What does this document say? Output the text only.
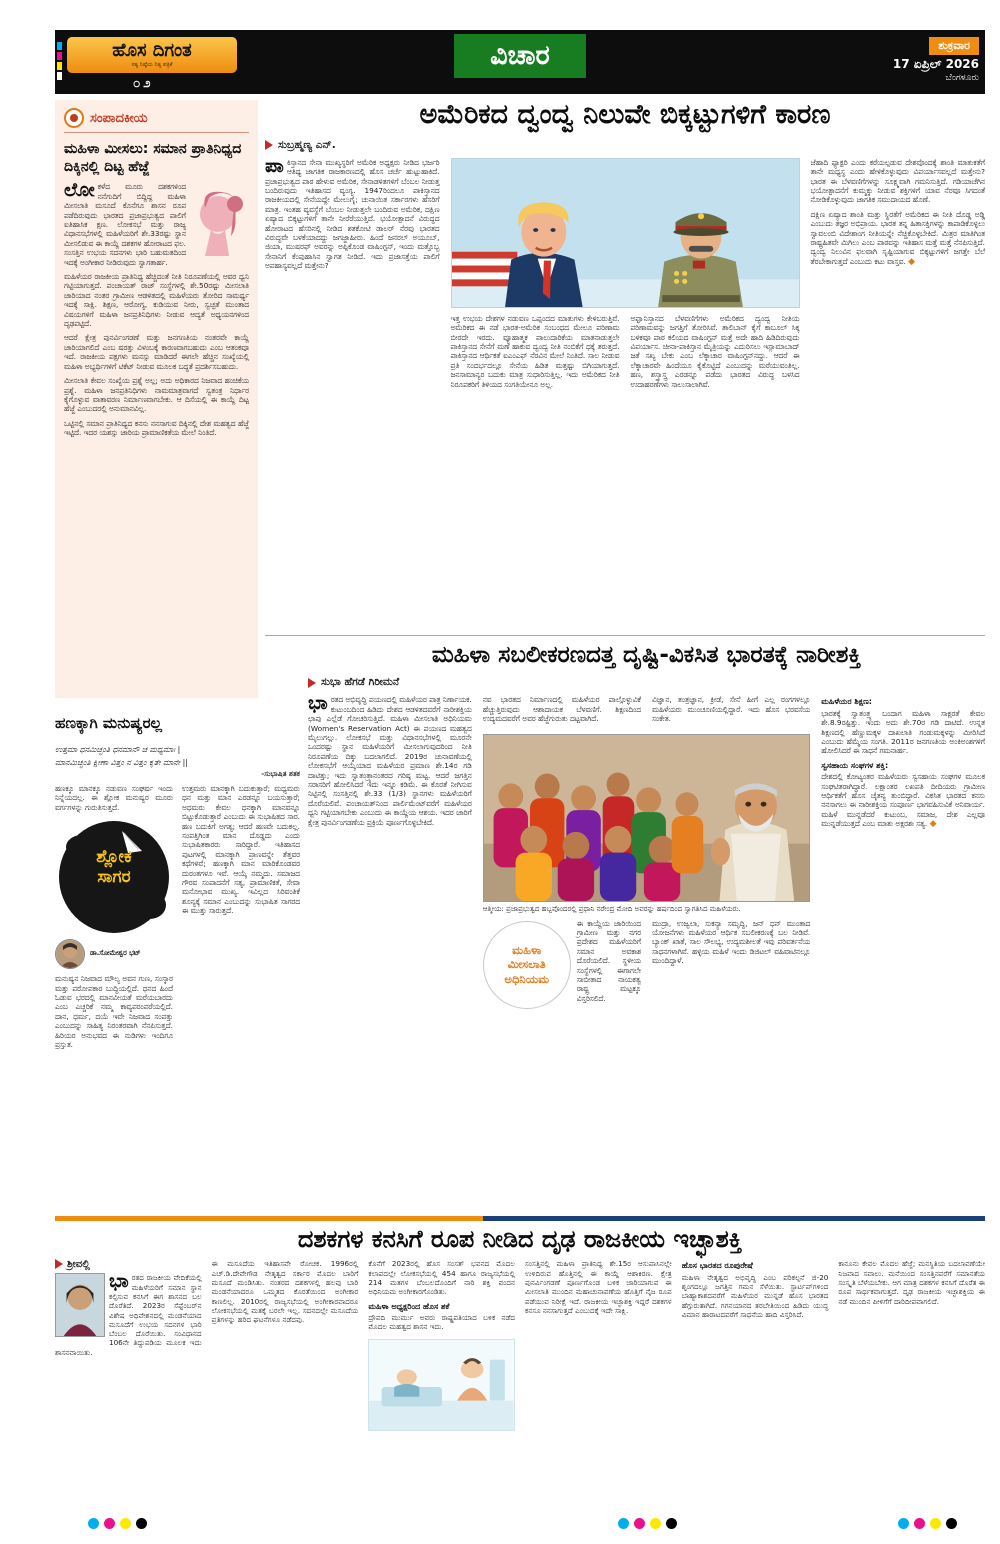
ಹೊಸ ದಿಗಂತ
ಸತ್ಯ ನಿಷ್ಠೆಯ ನಿತ್ಯ ಪತ್ರಿಕೆ
೦೨
ವಿಚಾರ	ಶುಕ್ರವಾರ
17 ಏಪ್ರಿಲ್ 2026
ಬೆಂಗಳೂರು
ಸಂಪಾದಕೀಯ
ಮಹಿಳಾ ಮೀಸಲು: ಸಮಾನ ಪ್ರಾತಿನಿಧ್ಯದ ದಿಕ್ಕಿನಲ್ಲಿ ದಿಟ್ಟ ಹೆಜ್ಜೆ

ಲೋಕಳೆದ ಮೂರು ದಶಕಗಳಿಂದ ನನೆಗುದಿಗೆ ಬಿದ್ದಿದ್ದ ಮಹಿಳಾ ಮೀಸಲಾತಿ ಮಸೂದೆ ಕೊನೆಗೂ ಶಾಸನ ರೂಪ ಪಡೆದಿರುವುದು ಭಾರತದ ಪ್ರಜಾಪ್ರಭುತ್ವದ ಪಾಲಿಗೆ ಐತಿಹಾಸಿಕ ಕ್ಷಣ. ಲೋಕಸಭೆ ಮತ್ತು ರಾಜ್ಯ ವಿಧಾನಸಭೆಗಳಲ್ಲಿ ಮಹಿಳೆಯರಿಗೆ ಶೇ.33ರಷ್ಟು ಸ್ಥಾನ ಮೀಸಲಿಡುವ ಈ ಕಾಯ್ದೆ ದಶಕಗಳ ಹೋರಾಟದ ಫಲ. ಸಂಸತ್ತಿನ ಉಭಯ ಸದನಗಳು ಭಾರಿ ಬಹುಮತದಿಂದ ಇದಕ್ಕೆ ಅಂಗೀಕಾರ ನೀಡಿರುವುದು ಸ್ವಾಗತಾರ್ಹ.

ಮಹಿಳೆಯರ ರಾಜಕೀಯ ಪ್ರಾತಿನಿಧ್ಯ ಹೆಚ್ಚಿದಂತೆ ನೀತಿ ನಿರೂಪಣೆಯಲ್ಲಿ ಅವರ ಧ್ವನಿ ಗಟ್ಟಿಯಾಗುತ್ತದೆ. ಪಂಚಾಯತ್ ರಾಜ್ ಸಂಸ್ಥೆಗಳಲ್ಲಿ ಶೇ.50ರಷ್ಟು ಮೀಸಲಾತಿ ಜಾರಿಯಾದ ನಂತರ ಗ್ರಾಮೀಣ ಆಡಳಿತದಲ್ಲಿ ಮಹಿಳೆಯರು ತೋರಿದ ಸಾಮರ್ಥ್ಯ ಇದಕ್ಕೆ ಸಾಕ್ಷಿ. ಶಿಕ್ಷಣ, ಆರೋಗ್ಯ, ಕುಡಿಯುವ ನೀರು, ಸ್ವಚ್ಛತೆ ಮುಂತಾದ ವಿಷಯಗಳಿಗೆ ಮಹಿಳಾ ಜನಪ್ರತಿನಿಧಿಗಳು ನೀಡುವ ಆದ್ಯತೆ ಅಧ್ಯಯನಗಳಿಂದ ದೃಢಪಟ್ಟಿದೆ.

ಆದರೆ ಕ್ಷೇತ್ರ ಪುನರ್ವಿಂಗಡಣೆ ಮತ್ತು ಜನಗಣತಿಯ ನಂತರವೇ ಕಾಯ್ದೆ ಜಾರಿಯಾಗಲಿದೆ ಎಂಬ ಷರತ್ತು ವಿಳಂಬಕ್ಕೆ ಕಾರಣವಾಗಬಹುದು ಎಂಬ ಆತಂಕವೂ ಇದೆ. ರಾಜಕೀಯ ಪಕ್ಷಗಳು ಮನಸ್ಸು ಮಾಡಿದರೆ ಈಗಲೇ ಹೆಚ್ಚಿನ ಸಂಖ್ಯೆಯಲ್ಲಿ ಮಹಿಳಾ ಅಭ್ಯರ್ಥಿಗಳಿಗೆ ಟಿಕೆಟ್ ನೀಡುವ ಮೂಲಕ ಬದ್ಧತೆ ಪ್ರದರ್ಶಿಸಬಹುದು.

ಮೀಸಲಾತಿ ಕೇವಲ ಸಂಖ್ಯೆಯ ಪ್ರಶ್ನೆ ಅಲ್ಲ; ಅದು ಅಧಿಕಾರದ ನಿಜವಾದ ಹಂಚಿಕೆಯ ಪ್ರಶ್ನೆ. ಮಹಿಳಾ ಜನಪ್ರತಿನಿಧಿಗಳು ನಾಮಮಾತ್ರವಾಗದೆ ಸ್ವತಂತ್ರ ನಿರ್ಧಾರ ಕೈಗೊಳ್ಳುವ ವಾತಾವರಣ ನಿರ್ಮಾಣವಾಗಬೇಕು. ಆ ದಿಸೆಯಲ್ಲಿ ಈ ಕಾಯ್ದೆ ದಿಟ್ಟ ಹೆಜ್ಜೆ ಎಂಬುದರಲ್ಲಿ ಅನುಮಾನವಿಲ್ಲ.

ಒಟ್ಟಿನಲ್ಲಿ ಸಮಾನ ಪ್ರಾತಿನಿಧ್ಯದ ಕನಸು ನನಸಾಗುವ ದಿಕ್ಕಿನಲ್ಲಿ ದೇಶ ಮಹತ್ವದ ಹೆಜ್ಜೆ ಇಟ್ಟಿದೆ. ಇದರ ಯಶಸ್ಸು ಜಾರಿಯ ಪ್ರಾಮಾಣಿಕತೆಯ ಮೇಲೆ ನಿಂತಿದೆ.

ಅಮೆರಿಕದ ದ್ವಂದ್ವ ನಿಲುವೇ ಬಿಕ್ಕಟ್ಟುಗಳಿಗೆ ಕಾರಣ
ಸುಬ್ರಹ್ಮಣ್ಯ ಎನ್.

ಪಾಕಿಸ್ತಾನದ ಸೇನಾ ಮುಖ್ಯಸ್ಥರಿಗೆ ಅಮೆರಿಕ ಅಧ್ಯಕ್ಷರು ನೀಡಿದ ಭರ್ಜರಿ ಆತಿಥ್ಯ ಜಾಗತಿಕ ರಾಜಕಾರಣದಲ್ಲಿ ಹೊಸ ಚರ್ಚೆ ಹುಟ್ಟುಹಾಕಿದೆ. ಪ್ರಜಾಪ್ರಭುತ್ವದ ಪಾಠ ಹೇಳುವ ಅಮೆರಿಕ, ಸೇನಾಡಳಿತಗಳಿಗೆ ಬೆಂಬಲ ನೀಡುತ್ತ ಬಂದಿರುವುದು ಇತಿಹಾಸದ ವ್ಯಂಗ್ಯ. 1947ರಿಂದಲೂ ಪಾಕಿಸ್ತಾನದ ರಾಜಕೀಯದಲ್ಲಿ ಸೇನೆಯದ್ದೇ ಮೇಲುಗೈ; ಚುನಾಯಿತ ಸರ್ಕಾರಗಳು ಹೆಸರಿಗೆ ಮಾತ್ರ. ಇಂತಹ ವ್ಯವಸ್ಥೆಗೆ ಬೆಂಬಲ ನೀಡುತ್ತಲೇ ಬಂದಿರುವ ಅಮೆರಿಕ, ದಕ್ಷಿಣ ಏಷ್ಯಾದ ಬಿಕ್ಕಟ್ಟುಗಳಿಗೆ ತಾನೇ ನೀರೆರೆಯುತ್ತಿದೆ. ಭಯೋತ್ಪಾದನೆ ವಿರುದ್ಧದ ಹೋರಾಟದ ಹೆಸರಿನಲ್ಲಿ ನೀಡಿದ ಶತಕೋಟಿ ಡಾಲರ್ ನೆರವು ಭಾರತದ ವಿರುದ್ಧವೇ ಬಳಕೆಯಾದದ್ದು ಜಗಜ್ಜಾಹೀರು. ಹಿಂದೆ ಜನರಲ್ ಅಯೂಬ್, ಜಿಯಾ, ಮುಷರಫ್ ಅವರನ್ನು ಅಪ್ಪಿಕೊಂಡ ವಾಷಿಂಗ್ಟನ್, ಇಂದು ಮತ್ತೊಬ್ಬ ಸೇನಾನಿಗೆ ಕೆಂಪುಹಾಸಿನ ಸ್ವಾಗತ ನೀಡಿದೆ. ಇದು ಪ್ರಜಾಸತ್ತೆಯ ಪಾಲಿಗೆ ಅಪಹಾಸ್ಯವಲ್ಲದೆ ಮತ್ತೇನು?

ಇತ್ತ ಉಭಯ ದೇಶಗಳ ನಡುವಣ ಒಪ್ಪಂದದ ಮಾತುಗಳು ಕೇಳಿಬರುತ್ತಿವೆ. ಅಮೆರಿಕದ ಈ ನಡೆ ಭಾರತ-ಅಮೆರಿಕ ಸಂಬಂಧದ ಮೇಲೂ ಪರಿಣಾಮ ಬೀರದೇ ಇರದು. ವ್ಯೂಹಾತ್ಮಕ ಪಾಲುದಾರಿಕೆಯ ಮಾತನಾಡುತ್ತಲೇ ಪಾಕಿಸ್ತಾನದ ಸೇನೆಗೆ ಮಣೆ ಹಾಕುವ ದ್ವಂದ್ವ ನೀತಿ ನಂಬಿಕೆಗೆ ಧಕ್ಕೆ ತರುತ್ತದೆ. ಪಾಕಿಸ್ತಾನದ ಆರ್ಥಿಕತೆ ಐಎಂಎಫ್ ನೆರವಿನ ಮೇಲೆ ನಿಂತಿದೆ. ಸಾಲ ನೀಡುವ ಪ್ರತಿ ಸಂದರ್ಭದಲ್ಲೂ ಸೇನೆಯ ಹಿಡಿತ ಮತ್ತಷ್ಟು ಬಿಗಿಯಾಗುತ್ತದೆ. ಜನಸಾಮಾನ್ಯರ ಬದುಕು ಮಾತ್ರ ಸುಧಾರಿಸುತ್ತಿಲ್ಲ. ಇದು ಅಮೆರಿಕದ ನೀತಿ ನಿರೂಪಕರಿಗೆ ತಿಳಿಯದ ಸಂಗತಿಯೇನೂ ಅಲ್ಲ.

ಅಫ್ಘಾನಿಸ್ತಾನದ ಬೆಳವಣಿಗೆಗಳು ಅಮೆರಿಕದ ದ್ವಂದ್ವ ನೀತಿಯ ಪರಿಣಾಮವನ್ನು ಜಗತ್ತಿಗೆ ತೋರಿಸಿವೆ. ತಾಲಿಬಾನ್ ಕೈಗೆ ಕಾಬೂಲ್ ಸಿಕ್ಕ ಬಳಿಕವೂ ಪಾಠ ಕಲಿಯದ ವಾಷಿಂಗ್ಟನ್ ಮತ್ತೆ ಅದೇ ಹಾದಿ ಹಿಡಿದಿರುವುದು ವಿಪರ್ಯಾಸ. ಚೀನಾ-ಪಾಕಿಸ್ತಾನ ಮೈತ್ರಿಯನ್ನು ಎದುರಿಸಲು ಇಸ್ಲಾಮಾಬಾದ್ ಜತೆ ಸಖ್ಯ ಬೇಕು ಎಂಬ ಲೆಕ್ಕಾಚಾರ ವಾಷಿಂಗ್ಟನ್‌ನದ್ದು. ಆದರೆ ಈ ಲೆಕ್ಕಾಚಾರವೇ ಹಿಂದೆಯೂ ಕೈಕೊಟ್ಟಿದೆ ಎಂಬುದನ್ನು ಮರೆಯುವಂತಿಲ್ಲ. ಹಣ, ಶಸ್ತ್ರಾಸ್ತ್ರ ಎರಡನ್ನೂ ಪಡೆದು ಭಾರತದ ವಿರುದ್ಧ ಬಳಸಿದ ಉದಾಹರಣೆಗಳು ಸಾಲುಸಾಲಾಗಿವೆ.

ಜೆಹಾದಿ ಫ್ಯಾಕ್ಟರಿ ಎಂದು ಕರೆಯಲ್ಪಡುವ ದೇಶವೊಂದಕ್ಕೆ ಶಾಂತಿ ಮಾತುಕತೆಗೆ ತಾನೇ ಮಧ್ಯಸ್ಥ ಎಂದು ಹೇಳಿಕೊಳ್ಳುವುದು ವಿಪರ್ಯಾಸವಲ್ಲದೆ ಮತ್ತೇನು? ಭಾರತ ಈ ಬೆಳವಣಿಗೆಗಳನ್ನು ಸೂಕ್ಷ್ಮವಾಗಿ ಗಮನಿಸುತ್ತಿದೆ. ಗಡಿಯಾಚೆಗಿನ ಭಯೋತ್ಪಾದನೆಗೆ ಕುಮ್ಮಕ್ಕು ನೀಡುವ ಶಕ್ತಿಗಳಿಗೆ ಯಾವ ನೆರವೂ ಸಿಗದಂತೆ ನೋಡಿಕೊಳ್ಳುವುದು ಜಾಗತಿಕ ಸಮುದಾಯದ ಹೊಣೆ.

ದಕ್ಷಿಣ ಏಷ್ಯಾದ ಶಾಂತಿ ಮತ್ತು ಸ್ಥಿರತೆಗೆ ಅಮೆರಿಕದ ಈ ನೀತಿ ದೊಡ್ಡ ಅಡ್ಡಿ ಎಂಬುದು ತಜ್ಞರ ಅಭಿಪ್ರಾಯ. ಭಾರತ ತನ್ನ ಹಿತಾಸಕ್ತಿಗಳನ್ನು ಕಾಪಾಡಿಕೊಳ್ಳಲು ಸ್ವಾವಲಂಬಿ ವಿದೇಶಾಂಗ ನೀತಿಯನ್ನೇ ನೆಚ್ಚಿಕೊಳ್ಳಬೇಕಿದೆ. ಮಿತ್ರರ ಮಾತಿಗಿಂತ ರಾಷ್ಟ್ರಹಿತವೇ ಮಿಗಿಲು ಎಂಬ ಪಾಠವನ್ನು ಇತಿಹಾಸ ಮತ್ತೆ ಮತ್ತೆ ನೆನಪಿಸುತ್ತಿದೆ. ದ್ವಂದ್ವ ನಿಲುವಿನ ಫಲವಾಗಿ ಸೃಷ್ಟಿಯಾಗುವ ಬಿಕ್ಕಟ್ಟುಗಳಿಗೆ ಜಗತ್ತೇ ಬೆಲೆ ತೆರಬೇಕಾಗುತ್ತದೆ ಎಂಬುದು ಕಟು ವಾಸ್ತವ. ◆

ಮಹಿಳಾ ಸಬಲೀಕರಣದತ್ತ ದೃಷ್ಟಿ-ವಿಕಸಿತ ಭಾರತಕ್ಕೆ ನಾರೀಶಕ್ತಿ
ಸುಭಾ ಹೆಗಡೆ ಗಿರೀಮನೆ

ಭಾರತದ ಅಭಿವೃದ್ಧಿ ಪಯಣದಲ್ಲಿ ಮಹಿಳೆಯರ ಪಾತ್ರ ನಿರ್ಣಾಯಕ. ಕುಟುಂಬದಿಂದ ಹಿಡಿದು ದೇಶದ ಆಡಳಿತದವರೆಗೆ ನಾರೀಶಕ್ತಿಯ ಛಾಪು ಎಲ್ಲೆಡೆ ಗೋಚರಿಸುತ್ತಿದೆ. ಮಹಿಳಾ ಮೀಸಲಾತಿ ಅಧಿನಿಯಮ (Women's Reservation Act) ಈ ಪಯಣದ ಮಹತ್ವದ ಮೈಲುಗಲ್ಲು. ಲೋಕಸಭೆ ಮತ್ತು ವಿಧಾನಸಭೆಗಳಲ್ಲಿ ಮೂರನೇ ಒಂದರಷ್ಟು ಸ್ಥಾನ ಮಹಿಳೆಯರಿಗೆ ಮೀಸಲಾಗುವುದರಿಂದ ನೀತಿ ನಿರೂಪಣೆಯ ದಿಕ್ಕು ಬದಲಾಗಲಿದೆ. 2019ರ ಚುನಾವಣೆಯಲ್ಲಿ ಲೋಕಸಭೆಗೆ ಆಯ್ಕೆಯಾದ ಮಹಿಳೆಯರ ಪ್ರಮಾಣ ಶೇ.14ರ ಗಡಿ ದಾಟಿತ್ತು; ಇದು ಸ್ವಾತಂತ್ರ್ಯಾನಂತರದ ಗರಿಷ್ಠ ಮಟ್ಟ. ಆದರೆ ಜಗತ್ತಿನ ಸರಾಸರಿಗೆ ಹೋಲಿಸಿದರೆ ಇದು ಇನ್ನೂ ಕಡಿಮೆ. ಈ ಕೊರತೆ ನೀಗಿಸುವ ನಿಟ್ಟಿನಲ್ಲಿ ಸಂಸತ್ತಿನಲ್ಲಿ ಶೇ.33 (1/3) ಸ್ಥಾನಗಳು ಮಹಿಳೆಯರಿಗೆ ದೊರೆಯಲಿವೆ. ಪಂಚಾಯತ್‌ನಿಂದ ಪಾರ್ಲಿಮೆಂಟ್‌ವರೆಗೆ ಮಹಿಳೆಯರ ಧ್ವನಿ ಗಟ್ಟಿಯಾಗಬೇಕು ಎಂಬುದು ಈ ಕಾಯ್ದೆಯ ಆಶಯ. ಇದರ ಜಾರಿಗೆ ಕ್ಷೇತ್ರ ಪುನರ್ವಿಂಗಡಣೆಯ ಪ್ರಕ್ರಿಯೆ ಪೂರ್ಣಗೊಳ್ಳಬೇಕಿದೆ.

ನವ ಭಾರತದ ನಿರ್ಮಾಣದಲ್ಲಿ ಮಹಿಳೆಯರ ಪಾಲ್ಗೊಳ್ಳುವಿಕೆ ಹೆಚ್ಚುತ್ತಿರುವುದು ಆಶಾದಾಯಕ ಬೆಳವಣಿಗೆ. ಶಿಕ್ಷಣದಿಂದ ಉದ್ಯಮದವರೆಗೆ ಅವರ ಹೆಜ್ಜೆಗುರುತು ದಟ್ಟವಾಗಿದೆ.

ವಿಜ್ಞಾನ, ತಂತ್ರಜ್ಞಾನ, ಕ್ರೀಡೆ, ಸೇನೆ ಹೀಗೆ ಎಲ್ಲ ರಂಗಗಳಲ್ಲೂ ಮಹಿಳೆಯರು ಮುಂಚೂಣಿಯಲ್ಲಿದ್ದಾರೆ. ಇದು ಹೊಸ ಭರವಸೆಯ ಸಂಕೇತ.

ಆತ್ಮೀಯ: ಪ್ರಜಾಪ್ರಭುತ್ವದ ಹಬ್ಬವೊಂದರಲ್ಲಿ ಪ್ರಧಾನಿ ನರೇಂದ್ರ ಮೋದಿ ಅವರನ್ನು ಹರ್ಷದಿಂದ ಸ್ವಾಗತಿಸಿದ ಮಹಿಳೆಯರು.
ಮಹಿಳಾ ಮೀಸಲಾತಿ ಅಧಿನಿಯಮ

ಈ ಕಾಯ್ದೆಯ ಜಾರಿಯಿಂದ ಗ್ರಾಮೀಣ ಮತ್ತು ನಗರ ಪ್ರದೇಶದ ಮಹಿಳೆಯರಿಗೆ ಸಮಾನ ಅವಕಾಶ ದೊರೆಯಲಿದೆ. ಸ್ಥಳೀಯ ಸಂಸ್ಥೆಗಳಲ್ಲಿ ಈಗಾಗಲೇ ಸಾಬೀತಾದ ನಾಯಕತ್ವ ರಾಷ್ಟ್ರ ಮಟ್ಟಕ್ಕೂ ವಿಸ್ತರಿಸಲಿದೆ.

ಮುದ್ರಾ, ಉಜ್ವಲಾ, ಸುಕನ್ಯಾ ಸಮೃದ್ಧಿ, ಜನ್ ಧನ್ ಮುಂತಾದ ಯೋಜನೆಗಳು ಮಹಿಳೆಯರ ಆರ್ಥಿಕ ಸಬಲೀಕರಣಕ್ಕೆ ಬಲ ನೀಡಿವೆ. ಬ್ಯಾಂಕ್ ಖಾತೆ, ಸಾಲ ಸೌಲಭ್ಯ, ಉದ್ಯಮಶೀಲತೆ ಇವು ಪರಿವರ್ತನೆಯ ಸಾಧನಗಳಾಗಿವೆ. ಹಳ್ಳಿಯ ಮಹಿಳೆ ಇಂದು ಡಿಜಿಟಲ್ ವಹಿವಾಟಿನಲ್ಲೂ ಮುಂದಿದ್ದಾಳೆ.

ಮಹಿಳೆಯರ ಶಿಕ್ಷಣ:

ಭಾರತಕ್ಕೆ ಸ್ವಾತಂತ್ರ್ಯ ಬಂದಾಗ ಮಹಿಳಾ ಸಾಕ್ಷರತೆ ಕೇವಲ ಶೇ.8.9ರಷ್ಟಿತ್ತು. ಇಂದು ಅದು ಶೇ.70ರ ಗಡಿ ದಾಟಿದೆ. ಉನ್ನತ ಶಿಕ್ಷಣದಲ್ಲಿ ಹೆಣ್ಣುಮಕ್ಕಳ ದಾಖಲಾತಿ ಗಂಡುಮಕ್ಕಳನ್ನು ಮೀರಿಸಿದೆ ಎಂಬುದು ಹೆಮ್ಮೆಯ ಸಂಗತಿ. 2011ರ ಜನಗಣತಿಯ ಅಂಕಿಅಂಶಗಳಿಗೆ ಹೋಲಿಸಿದರೆ ಈ ಸಾಧನೆ ಗಮನಾರ್ಹ.

ಸ್ವಸಹಾಯ ಸಂಘಗಳ ಶಕ್ತಿ:

ದೇಶದಲ್ಲಿ ಕೋಟ್ಯಂತರ ಮಹಿಳೆಯರು ಸ್ವಸಹಾಯ ಸಂಘಗಳ ಮೂಲಕ ಸಂಘಟಿತರಾಗಿದ್ದಾರೆ. ಲಕ್ಷಾಂತರ ಲಖಪತಿ ದೀದಿಯರು ಗ್ರಾಮೀಣ ಆರ್ಥಿಕತೆಗೆ ಹೊಸ ಚೈತನ್ಯ ತುಂಬಿದ್ದಾರೆ. ವಿಕಸಿತ ಭಾರತದ ಕನಸು ನನಸಾಗಲು ಈ ನಾರೀಶಕ್ತಿಯ ಸಂಪೂರ್ಣ ಭಾಗವಹಿಸುವಿಕೆ ಅನಿವಾರ್ಯ. ಮಹಿಳೆ ಮುನ್ನಡೆದರೆ ಕುಟುಂಬ, ಸಮಾಜ, ದೇಶ ಎಲ್ಲವೂ ಮುನ್ನಡೆಯುತ್ತದೆ ಎಂಬ ಮಾತು ಅಕ್ಷರಶಃ ಸತ್ಯ. ◆

ಹಣಕ್ಕಾಗಿ ಮನುಷ್ಯರಲ್ಲ
ಉತ್ತಮಾ ಧನಮಿಚ್ಛಂತಿ ಧನಮಾನೌ ಚ ಮಧ್ಯಮಾಃ |
ಮಾನಮಿಚ್ಛಂತಿ ಕ್ಷೀಣಾ ವಿತ್ತಂ ನ ವಿತ್ತಂ ಕೃತೇ ಮಾನೇ ||
-ಸುಭಾಷಿತ ಶತಕ

ಹಣಕ್ಕೂ ಮಾನಕ್ಕೂ ನಡುವಣ ಸಂಘರ್ಷ ಇಂದು ನಿನ್ನೆಯದಲ್ಲ. ಈ ಶ್ಲೋಕ ಮನುಷ್ಯರ ಮೂರು ವರ್ಗಗಳನ್ನು ಗುರುತಿಸುತ್ತದೆ.

ಶ್ಲೋಕ
ಸಾಗರ
ಡಾ.ಸೋಮೇಶ್ವರ ಭಟ್

ಮನುಷ್ಯನ ನಿಜವಾದ ಮೌಲ್ಯ ಅವನ ಗುಣ, ಸಂಸ್ಕಾರ ಮತ್ತು ಪರೋಪಕಾರ ಬುದ್ಧಿಯಲ್ಲಿದೆ. ಧನದ ಹಿಂದೆ ಓಡುವ ಭರದಲ್ಲಿ ಮಾನವೀಯತೆ ಮರೆಯಬಾರದು ಎಂಬ ಎಚ್ಚರಿಕೆ ನಮ್ಮ ಕಾವ್ಯಪರಂಪರೆಯಲ್ಲಿದೆ. ದಾನ, ಧರ್ಮ, ದಯೆ ಇವೇ ನಿಜವಾದ ಸಂಪತ್ತು ಎಂಬುದನ್ನು ಸಾಹಿತ್ಯ ನಿರಂತರವಾಗಿ ನೆನಪಿಸುತ್ತದೆ. ಹಿರಿಯರ ಅನುಭವದ ಈ ನುಡಿಗಳು ಇಂದಿಗೂ ಪ್ರಸ್ತುತ.

ಉತ್ತಮರು ಮಾನಕ್ಕಾಗಿ ಬದುಕುತ್ತಾರೆ; ಮಧ್ಯಮರು ಧನ ಮತ್ತು ಮಾನ ಎರಡನ್ನೂ ಬಯಸುತ್ತಾರೆ; ಅಧಮರು ಕೇವಲ ಧನಕ್ಕಾಗಿ ಮಾನವನ್ನೂ ಬಿಟ್ಟುಕೊಡುತ್ತಾರೆ ಎಂಬುದು ಈ ಸುಭಾಷಿತದ ಸಾರ. ಹಣ ಬದುಕಿಗೆ ಅಗತ್ಯ; ಆದರೆ ಹಣವೇ ಬದುಕಲ್ಲ. ಸಂಪತ್ತಿಗಿಂತ ಮಾನ ದೊಡ್ಡದು ಎಂದು ಸುಭಾಷಿತಕಾರರು ಸಾರಿದ್ದಾರೆ. ಇತಿಹಾಸದ ಪುಟಗಳಲ್ಲಿ ಮಾನಕ್ಕಾಗಿ ಪ್ರಾಣವನ್ನೇ ತೆತ್ತವರ ಕಥೆಗಳಿವೆ; ಹಣಕ್ಕಾಗಿ ಮಾನ ಮಾರಿಕೊಂಡವರ ದುರಂತಗಳೂ ಇವೆ. ಆಯ್ಕೆ ನಮ್ಮದು. ಸಮಾಜದ ಗೌರವ ಸಂಪಾದನೆಗೆ ಸತ್ಯ, ಪ್ರಾಮಾಣಿಕತೆ, ಸೇವಾ ಮನೋಭಾವ ಮುಖ್ಯ. ಇವಿಲ್ಲದ ಸಿರಿವಂತಿಕೆ ಶೂನ್ಯಕ್ಕೆ ಸಮಾನ ಎಂಬುದನ್ನು ಸುಭಾಷಿತ ಸಾಗರದ ಈ ಮುತ್ತು ಸಾರುತ್ತದೆ.

ದಶಕಗಳ ಕನಸಿಗೆ ರೂಪ ನೀಡಿದ ದೃಢ ರಾಜಕೀಯ ಇಚ್ಛಾಶಕ್ತಿ
ಶ್ರೀವಲ್ಲಿ

ಭಾರತದ ರಾಜಕೀಯ ವೇದಿಕೆಯಲ್ಲಿ ಮಹಿಳೆಯರಿಗೆ ಸಮಾನ ಸ್ಥಾನ ಕಲ್ಪಿಸುವ ಕನಸಿಗೆ ಈಗ ಶಾಸನದ ಬಲ ದೊರೆತಿದೆ. 2023ರ ಸೆಪ್ಟೆಂಬರ್‌ನ ವಿಶೇಷ ಅಧಿವೇಶನದಲ್ಲಿ ಮಂಡನೆಯಾದ ಮಸೂದೆಗೆ ಉಭಯ ಸದನಗಳ ಭಾರಿ ಬೆಂಬಲ ದೊರೆಯಿತು. ಸಂವಿಧಾನದ 106ನೇ ತಿದ್ದುಪಡಿಯ ಮೂಲಕ ಇದು ಶಾಸನವಾಯಿತು.

ಈ ಮಸೂದೆಯ ಇತಿಹಾಸವೇ ರೋಚಕ. 1996ರಲ್ಲಿ ಎಚ್.ಡಿ.ದೇವೇಗೌಡ ನೇತೃತ್ವದ ಸರ್ಕಾರ ಮೊದಲ ಬಾರಿಗೆ ಮಸೂದೆ ಮಂಡಿಸಿತು. ನಂತರದ ದಶಕಗಳಲ್ಲಿ ಹಲವು ಬಾರಿ ಮಂಡನೆಯಾದರೂ ಒಮ್ಮತದ ಕೊರತೆಯಿಂದ ಅಂಗೀಕಾರ ಕಾಣಲಿಲ್ಲ. 2010ರಲ್ಲಿ ರಾಜ್ಯಸಭೆಯಲ್ಲಿ ಅಂಗೀಕಾರವಾದರೂ ಲೋಕಸಭೆಯಲ್ಲಿ ಮತಕ್ಕೆ ಬರಲೇ ಇಲ್ಲ. ಸದನದಲ್ಲೇ ಮಸೂದೆಯ ಪ್ರತಿಗಳನ್ನು ಹರಿದ ಘಟನೆಗಳೂ ನಡೆದವು.

ಕೊನೆಗೆ 2023ರಲ್ಲಿ ಹೊಸ ಸಂಸತ್ ಭವನದ ಮೊದಲ ಕಲಾಪದಲ್ಲೇ ಲೋಕಸಭೆಯಲ್ಲಿ 454 ಹಾಗೂ ರಾಜ್ಯಸಭೆಯಲ್ಲಿ 214 ಮತಗಳ ಬೆಂಬಲದೊಂದಿಗೆ ನಾರಿ ಶಕ್ತಿ ವಂದನ ಅಧಿನಿಯಮ ಅಂಗೀಕಾರಗೊಂಡಿತು.

ಮಹಿಳಾ ಅಧ್ಯಕ್ಷರಿಂದ ಹೊಸ ಶಕೆ

ದ್ರೌಪದಿ ಮುರ್ಮು ಅವರು ರಾಷ್ಟ್ರಪತಿಯಾದ ಬಳಿಕ ನಡೆದ ಮೊದಲ ಮಹತ್ವದ ಶಾಸನ ಇದು.

ಸಂಸತ್ತಿನಲ್ಲಿ ಮಹಿಳಾ ಪ್ರಾತಿನಿಧ್ಯ ಶೇ.15ರ ಆಸುಪಾಸಿನಲ್ಲೇ ಉಳಿದಿರುವ ಹೊತ್ತಿನಲ್ಲಿ ಈ ಕಾಯ್ದೆ ಆಶಾಕಿರಣ. ಕ್ಷೇತ್ರ ಪುನರ್ವಿಂಗಡಣೆ ಪೂರ್ಣಗೊಂಡ ಬಳಿಕ ಜಾರಿಯಾಗುವ ಈ ಮೀಸಲಾತಿ ಮುಂದಿನ ಮಹಾಚುನಾವಣೆಯ ಹೊತ್ತಿಗೆ ನೈಜ ರೂಪ ಪಡೆಯುವ ನಿರೀಕ್ಷೆ ಇದೆ. ರಾಜಕೀಯ ಇಚ್ಛಾಶಕ್ತಿ ಇದ್ದರೆ ದಶಕಗಳ ಕನಸೂ ನನಸಾಗುತ್ತದೆ ಎಂಬುದಕ್ಕೆ ಇದೇ ಸಾಕ್ಷಿ.

ಹೊಸ ಭಾರತದ ರೂಪುರೇಷೆ

ಮಹಿಳಾ ನೇತೃತ್ವದ ಅಭಿವೃದ್ಧಿ ಎಂಬ ಪರಿಕಲ್ಪನೆ ಜಿ-20 ಶೃಂಗದಲ್ಲೂ ಜಗತ್ತಿನ ಗಮನ ಸೆಳೆಯಿತು. ಸ್ಟಾರ್ಟಪ್‌ಗಳಿಂದ ಬಾಹ್ಯಾಕಾಶದವರೆಗೆ ಮಹಿಳೆಯರ ಮುನ್ನಡೆ ಹೊಸ ಭಾರತದ ಹೆಗ್ಗುರುತಾಗಿದೆ. ಗಗನಯಾನದ ತರಬೇತಿಯಿಂದ ಹಿಡಿದು ಯುದ್ಧ ವಿಮಾನ ಹಾರಾಟದವರೆಗೆ ಸಾಧನೆಯ ಹಾದಿ ವಿಸ್ತರಿಸಿದೆ.

ಕಾನೂನು ಕೇವಲ ಮೊದಲ ಹೆಜ್ಜೆ; ಮನಸ್ಥಿತಿಯ ಬದಲಾವಣೆಯೇ ನಿಜವಾದ ಸವಾಲು. ಮನೆಯಿಂದ ಸಂಸತ್ತಿನವರೆಗೆ ಸಮಾನತೆಯ ಸಂಸ್ಕೃತಿ ಬೆಳೆಯಬೇಕು. ಆಗ ಮಾತ್ರ ದಶಕಗಳ ಕನಸಿಗೆ ದೊರೆತ ಈ ರೂಪ ಸಾರ್ಥಕವಾಗುತ್ತದೆ. ದೃಢ ರಾಜಕೀಯ ಇಚ್ಛಾಶಕ್ತಿಯ ಈ ನಡೆ ಮುಂದಿನ ಪೀಳಿಗೆಗೆ ದಾರಿದೀಪವಾಗಲಿದೆ.
